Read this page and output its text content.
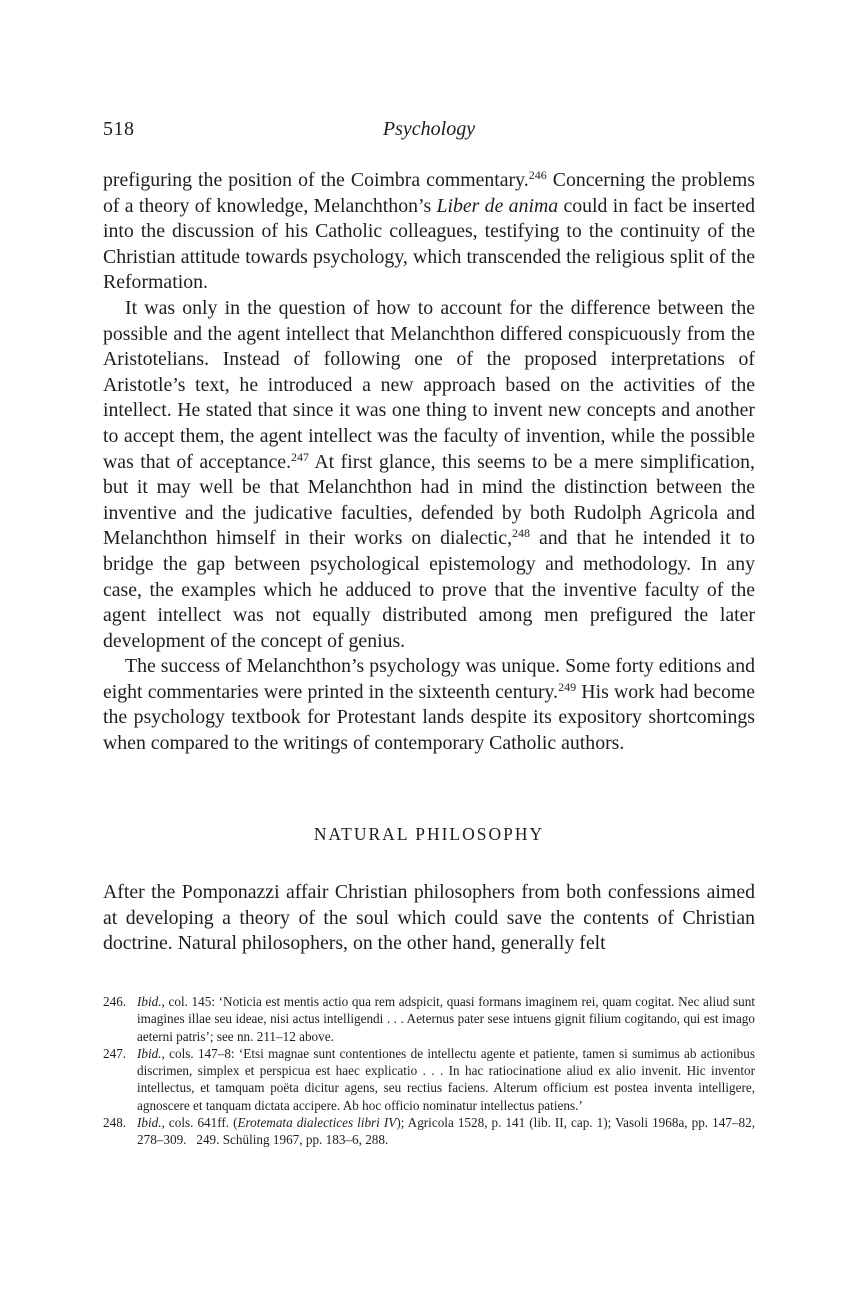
518	Psychology

prefiguring the position of the Coimbra commentary.$^{246}$ Concerning the problems of a theory of knowledge, Melanchthon’s Liber de anima could in fact be inserted into the discussion of his Catholic colleagues, testifying to the continuity of the Christian attitude towards psychology, which transcended the religious split of the Reformation.

It was only in the question of how to account for the difference between the possible and the agent intellect that Melanchthon differed conspicuously from the Aristotelians. Instead of following one of the proposed interpretations of Aristotle’s text, he introduced a new approach based on the activities of the intellect. He stated that since it was one thing to invent new concepts and another to accept them, the agent intellect was the faculty of invention, while the possible was that of acceptance.$^{247}$ At first glance, this seems to be a mere simplification, but it may well be that Melanchthon had in mind the distinction between the inventive and the judicative faculties, defended by both Rudolph Agricola and Melanchthon himself in their works on dialectic,$^{248}$ and that he intended it to bridge the gap between psychological epistemology and methodology. In any case, the examples which he adduced to prove that the inventive faculty of the agent intellect was not equally distributed among men prefigured the later development of the concept of genius.

The success of Melanchthon’s psychology was unique. Some forty editions and eight commentaries were printed in the sixteenth century.$^{249}$ His work had become the psychology textbook for Protestant lands despite its expository shortcomings when compared to the writings of contemporary Catholic authors.

NATURAL PHILOSOPHY

After the Pomponazzi affair Christian philosophers from both confessions aimed at developing a theory of the soul which could save the contents of Christian doctrine. Natural philosophers, on the other hand, generally felt

246. Ibid., col. 145: ‘Noticia est mentis actio qua rem adspicit, quasi formans imaginem rei, quam cogitat. Nec aliud sunt imagines illae seu ideae, nisi actus intelligendi . . . Aeternus pater sese intuens gignit filium cogitando, qui est imago aeterni patris’; see nn. 211–12 above.
247. Ibid., cols. 147–8: ‘Etsi magnae sunt contentiones de intellectu agente et patiente, tamen si sumimus ab actionibus discrimen, simplex et perspicua est haec explicatio . . . In hac ratiocinatione aliud ex alio invenit. Hic inventor intellectus, et tamquam poëta dicitur agens, seu rectius faciens. Alterum officium est postea inventa intelligere, agnoscere et tanquam dictata accipere. Ab hoc officio nominatur intellectus patiens.’
248. Ibid., cols. 641ff. (Erotemata dialectices libri IV); Agricola 1528, p. 141 (lib. II, cap. 1); Vasoli 1968a, pp. 147–82, 278–309. 249. Schüling 1967, pp. 183–6, 288.
